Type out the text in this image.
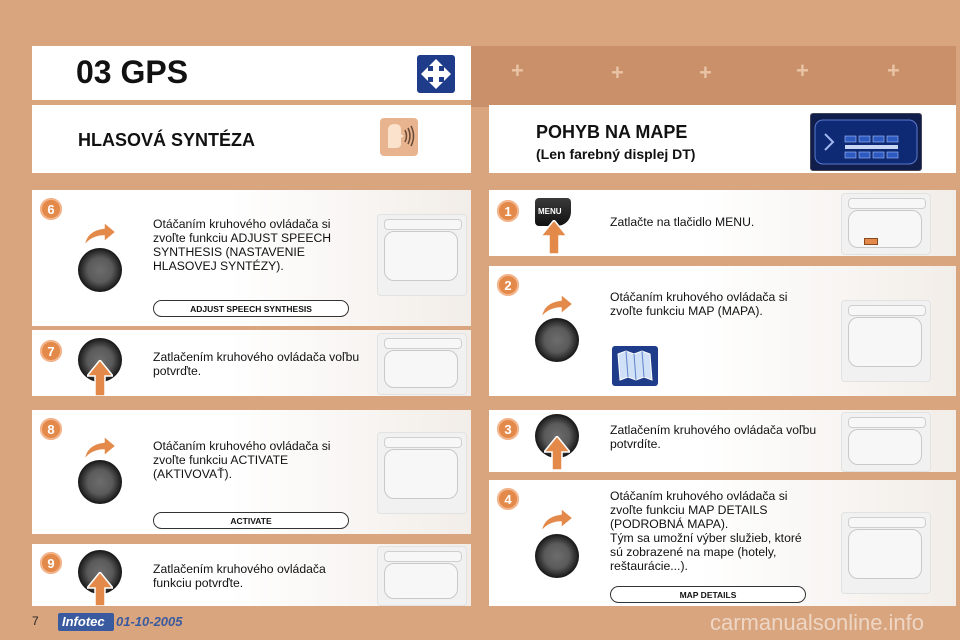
03 GPS	+	+	+	+	+
HLASOVÁ SYNTÉZA	POHYB NA MAPE
(Len farebný displej DT)
6
Otáčaním kruhového ovládača si
zvoľte funkciu ADJUST SPEECH
SYNTHESIS (NASTAVENIE
HLASOVEJ SYNTÉZY).
ADJUST SPEECH SYNTHESIS
7	Zatlačením kruhového ovládača voľbu
potvrďte.
8
Otáčaním kruhového ovládača si
zvoľte funkciu ACTIVATE
(AKTIVOVAŤ).
ACTIVATE
9	Zatlačením kruhového ovládača
funkciu potvrďte.
1	MENU
Zatlačte na tlačidlo MENU.
2
Otáčaním kruhového ovládača si
zvoľte funkciu MAP (MAPA).
3	Zatlačením kruhového ovládača voľbu
potvrdíte.
4	Otáčaním kruhového ovládača si
zvoľte funkciu MAP DETAILS
(PODROBNÁ MAPA).
Tým sa umožní výber služieb, ktoré
sú zobrazené na mape (hotely,
reštaurácie...).
MAP DETAILS
7 Infotec 01-10-2005	carmanualsonline.info
